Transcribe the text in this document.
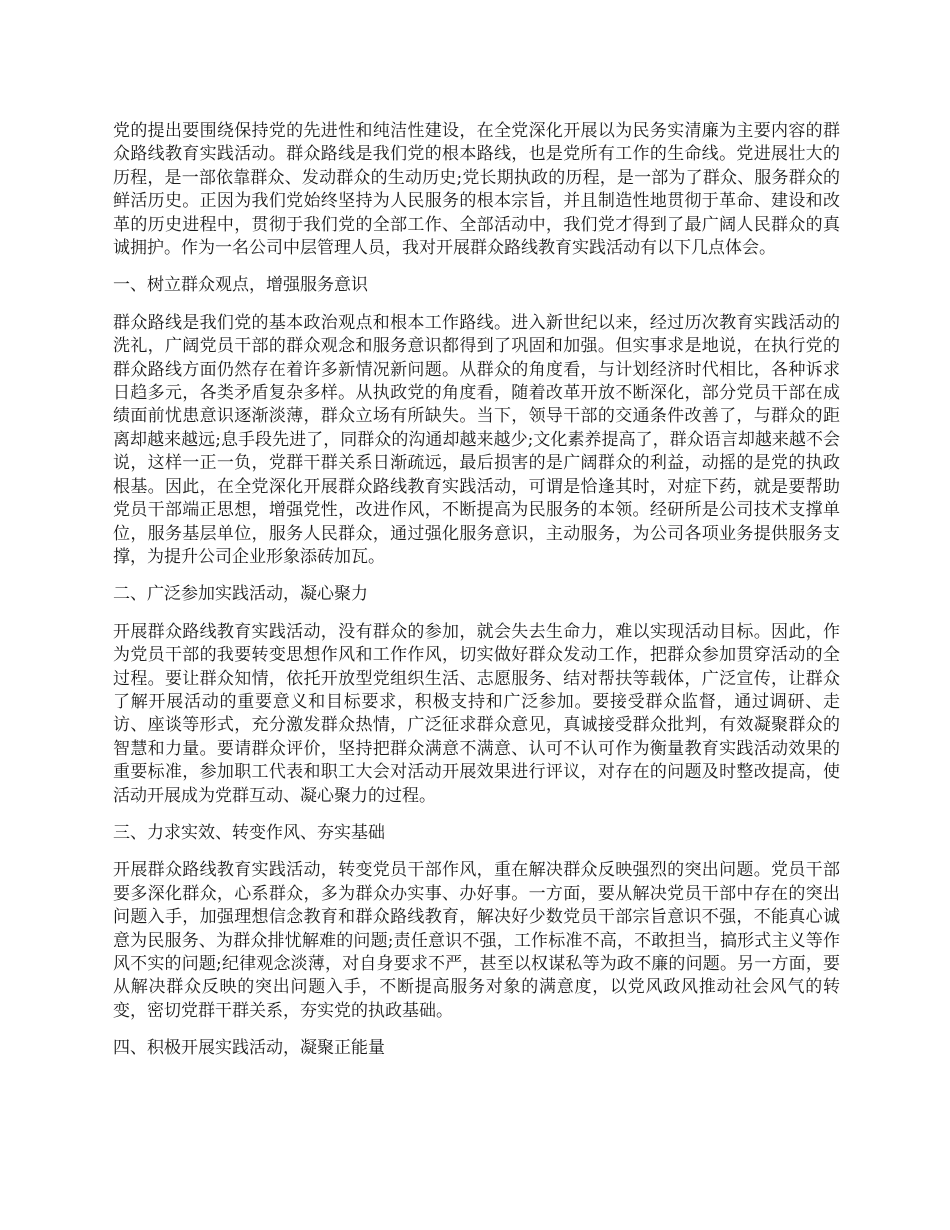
党的提出要围绕保持党的先进性和纯洁性建设，在全党深化开展以为民务实清廉为主要内容的群众路线教育实践活动。群众路线是我们党的根本路线，也是党所有工作的生命线。党进展壮大的历程，是一部依靠群众、发动群众的生动历史;党长期执政的历程，是一部为了群众、服务群众的鲜活历史。正因为我们党始终坚持为人民服务的根本宗旨，并且制造性地贯彻于革命、建设和改革的历史进程中，贯彻于我们党的全部工作、全部活动中，我们党才得到了最广阔人民群众的真诚拥护。作为一名公司中层管理人员，我对开展群众路线教育实践活动有以下几点体会。

一、树立群众观点，增强服务意识

群众路线是我们党的基本政治观点和根本工作路线。进入新世纪以来，经过历次教育实践活动的洗礼，广阔党员干部的群众观念和服务意识都得到了巩固和加强。但实事求是地说，在执行党的群众路线方面仍然存在着许多新情况新问题。从群众的角度看，与计划经济时代相比，各种诉求日趋多元，各类矛盾复杂多样。从执政党的角度看，随着改革开放不断深化，部分党员干部在成绩面前忧患意识逐渐淡薄，群众立场有所缺失。当下，领导干部的交通条件改善了，与群众的距离却越来越远;息手段先进了，同群众的沟通却越来越少;文化素养提高了，群众语言却越来越不会说，这样一正一负，党群干群关系日渐疏远，最后损害的是广阔群众的利益，动摇的是党的执政根基。因此，在全党深化开展群众路线教育实践活动，可谓是恰逢其时，对症下药，就是要帮助党员干部端正思想，增强党性，改进作风，不断提高为民服务的本领。经研所是公司技术支撑单位，服务基层单位，服务人民群众，通过强化服务意识，主动服务，为公司各项业务提供服务支撑，为提升公司企业形象添砖加瓦。

二、广泛参加实践活动，凝心聚力

开展群众路线教育实践活动，没有群众的参加，就会失去生命力，难以实现活动目标。因此，作为党员干部的我要转变思想作风和工作作风，切实做好群众发动工作，把群众参加贯穿活动的全过程。要让群众知情，依托开放型党组织生活、志愿服务、结对帮扶等载体，广泛宣传，让群众了解开展活动的重要意义和目标要求，积极支持和广泛参加。要接受群众监督，通过调研、走访、座谈等形式，充分激发群众热情，广泛征求群众意见，真诚接受群众批判，有效凝聚群众的智慧和力量。要请群众评价，坚持把群众满意不满意、认可不认可作为衡量教育实践活动效果的重要标准，参加职工代表和职工大会对活动开展效果进行评议，对存在的问题及时整改提高，使活动开展成为党群互动、凝心聚力的过程。

三、力求实效、转变作风、夯实基础

开展群众路线教育实践活动，转变党员干部作风，重在解决群众反映强烈的突出问题。党员干部要多深化群众，心系群众，多为群众办实事、办好事。一方面，要从解决党员干部中存在的突出问题入手，加强理想信念教育和群众路线教育，解决好少数党员干部宗旨意识不强，不能真心诚意为民服务、为群众排忧解难的问题;责任意识不强，工作标准不高，不敢担当，搞形式主义等作风不实的问题;纪律观念淡薄，对自身要求不严，甚至以权谋私等为政不廉的问题。另一方面，要从解决群众反映的突出问题入手，不断提高服务对象的满意度，以党风政风推动社会风气的转变，密切党群干群关系，夯实党的执政基础。

四、积极开展实践活动，凝聚正能量
